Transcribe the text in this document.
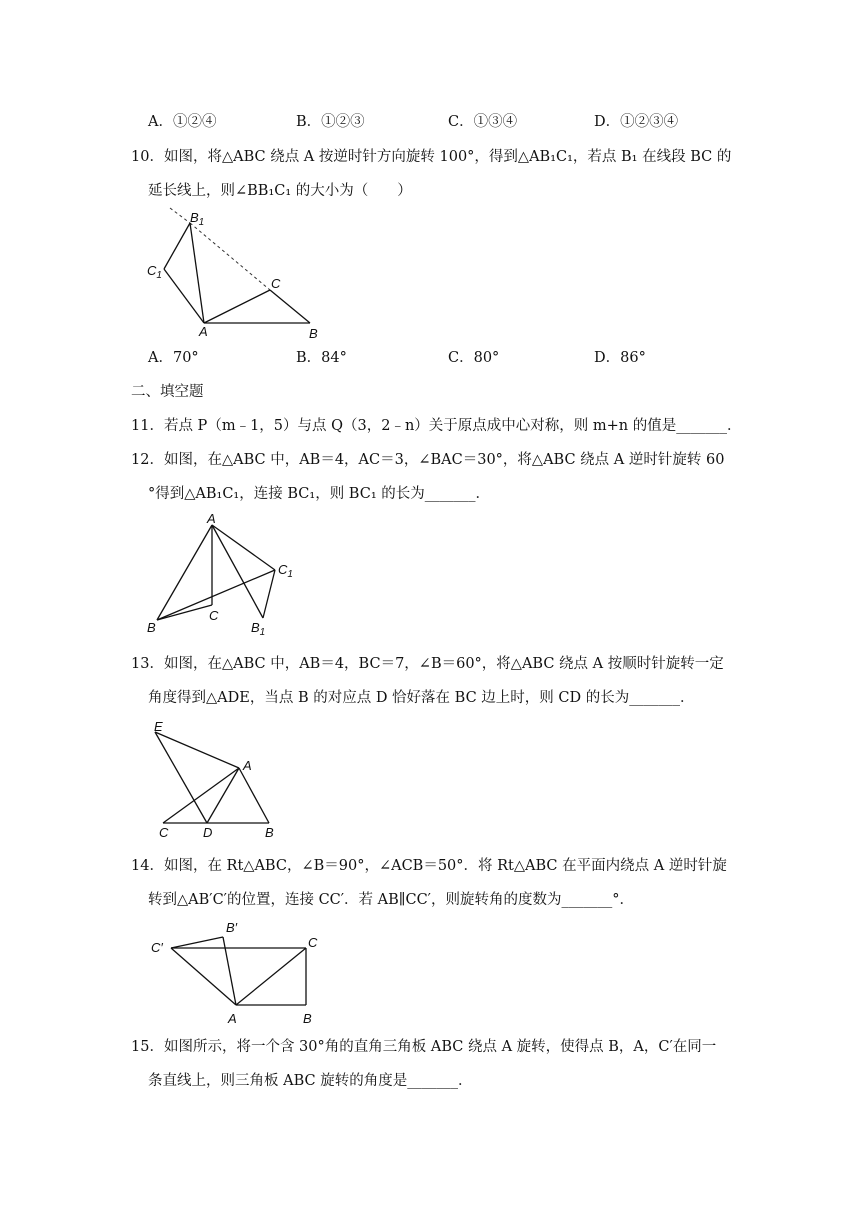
A．①②④	B．①②③	C．①③④	D．①②③④
10．如图，将△ABC 绕点 A 按逆时针方向旋转 100°，得到△AB₁C₁，若点 B₁ 在线段 BC 的
延长线上，则∠BB₁C₁ 的大小为（　　）
$B_1$
$C_1$
C
A	B
A．70°	B．84°	C．80°	D．86°
二、填空题
11．若点 P（m﹣1，5）与点 Q（3，2﹣n）关于原点成中心对称，则 m+n 的值是_______．
12．如图，在△ABC 中，AB＝4，AC＝3，∠BAC＝30°，将△ABC 绕点 A 逆时针旋转 60
°得到△AB₁C₁，连接 BC₁，则 BC₁ 的长为_______．
A
$C_1$
B
C
$B_1$
13．如图，在△ABC 中，AB＝4，BC＝7，∠B＝60°，将△ABC 绕点 A 按顺时针旋转一定
角度得到△ADE，当点 B 的对应点 D 恰好落在 BC 边上时，则 CD 的长为_______．
E
A
C	D	B
14．如图，在 Rt△ABC，∠B＝90°，∠ACB＝50°．将 Rt△ABC 在平面内绕点 A 逆时针旋
转到△AB′C′的位置，连接 CC′．若 AB∥CC′，则旋转角的度数为_______°．
B′
C′	C
A	B
15．如图所示，将一个含 30°角的直角三角板 ABC 绕点 A 旋转，使得点 B，A，C′在同一
条直线上，则三角板 ABC 旋转的角度是_______．
